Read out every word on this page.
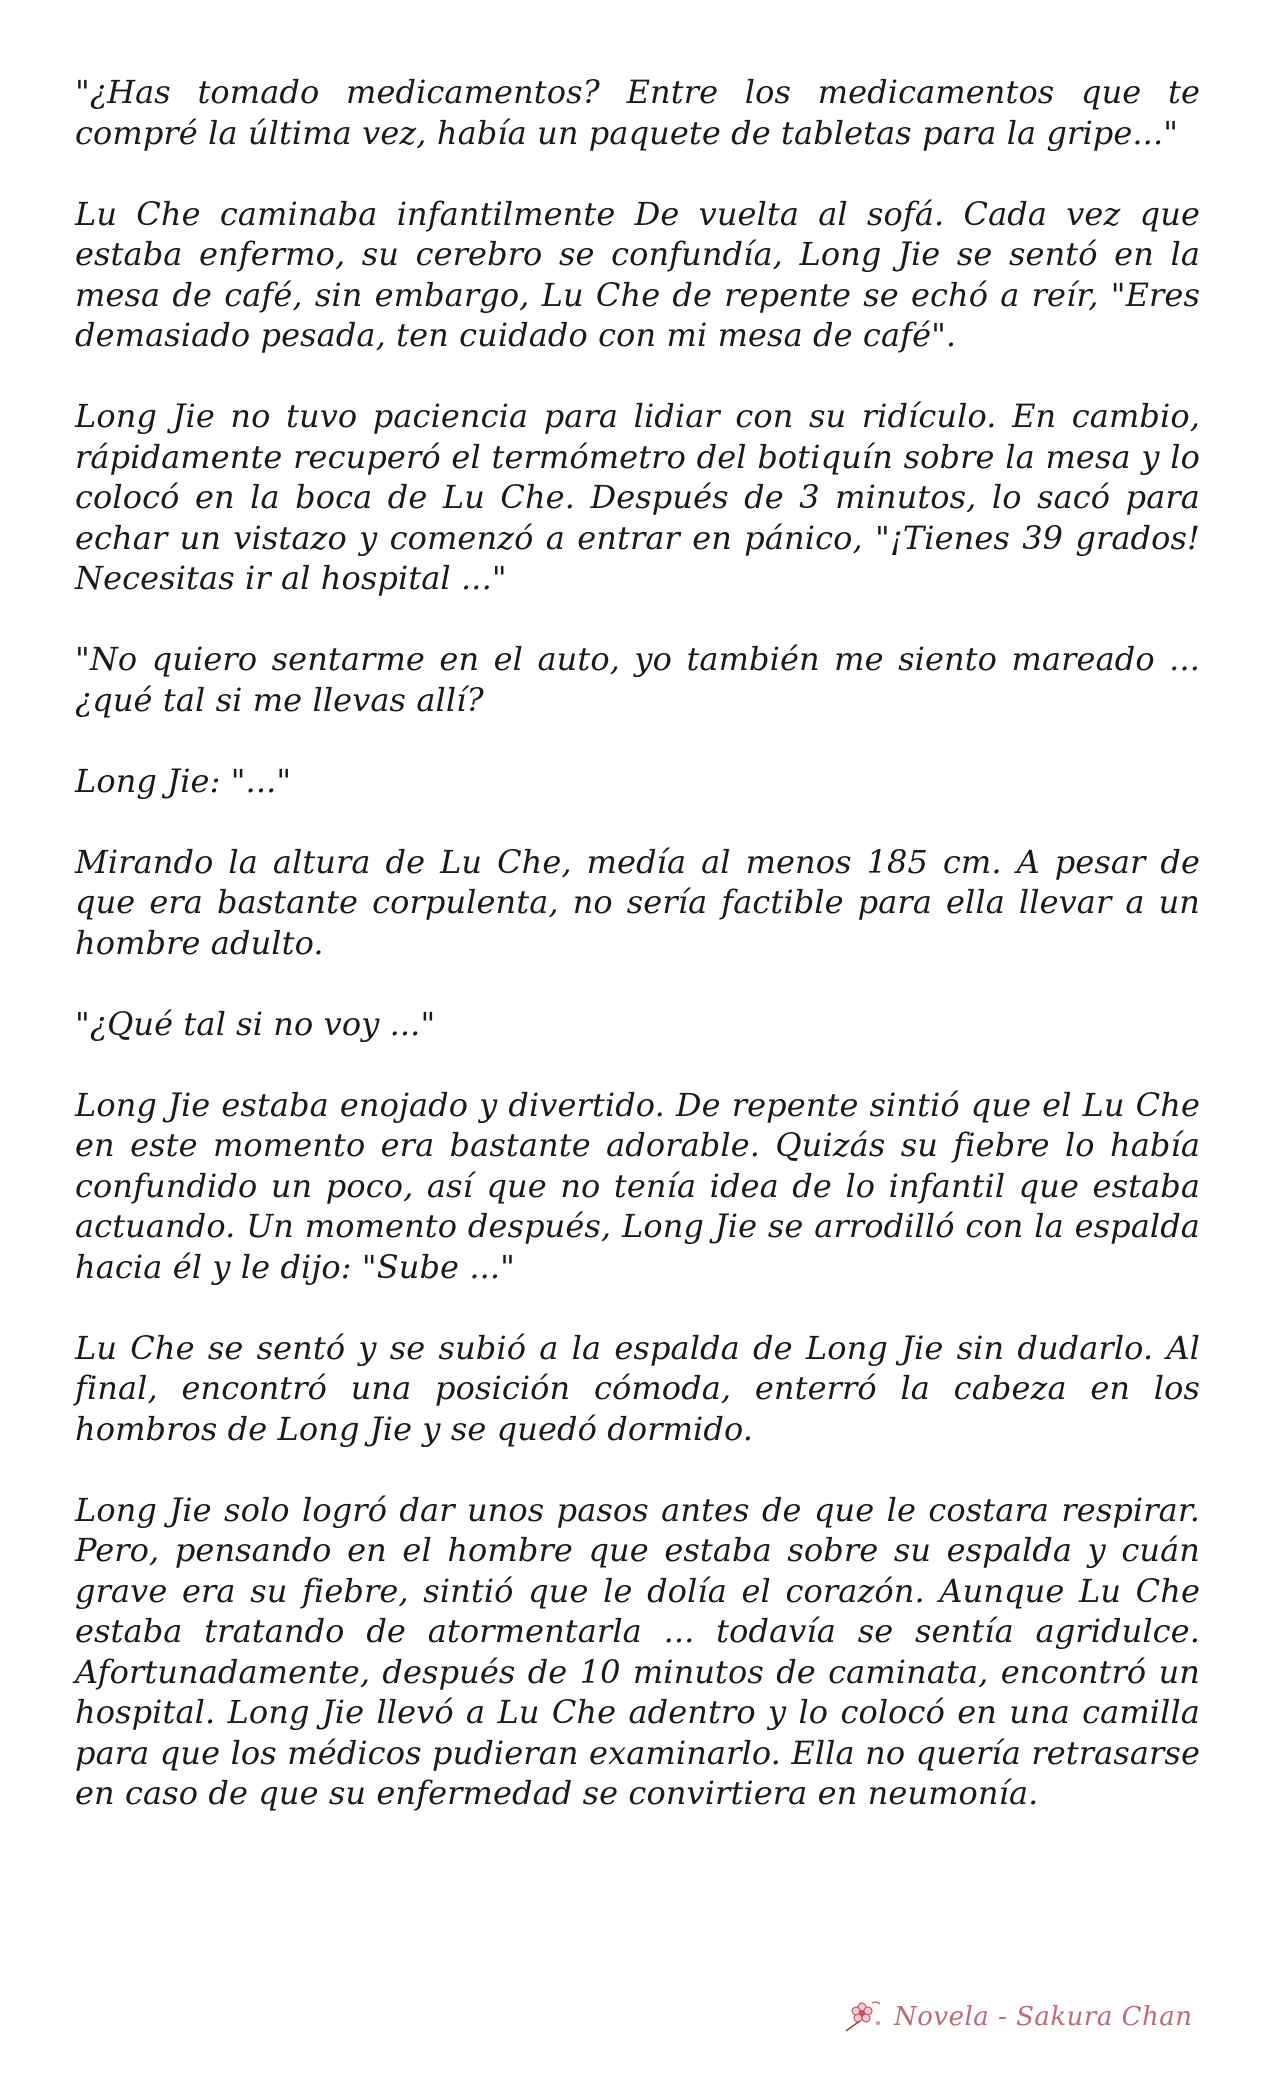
"¿Has tomado medicamentos? Entre los medicamentos que te compré la última vez, había un paquete de tabletas para la gripe..."

Lu Che caminaba infantilmente De vuelta al sofá. Cada vez que estaba enfermo, su cerebro se confundía, Long Jie se sentó en la mesa de café, sin embargo, Lu Che de repente se echó a reír, "Eres demasiado pesada, ten cuidado con mi mesa de café".

Long Jie no tuvo paciencia para lidiar con su ridículo. En cambio, rápidamente recuperó el termómetro del botiquín sobre la mesa y lo colocó en la boca de Lu Che. Después de 3 minutos, lo sacó para echar un vistazo y comenzó a entrar en pánico, "¡Tienes 39 grados! Necesitas ir al hospital ..."

"No quiero sentarme en el auto, yo también me siento mareado ... ¿qué tal si me llevas allí?

Long Jie: "..."

Mirando la altura de Lu Che, medía al menos 185 cm. A pesar de que era bastante corpulenta, no sería factible para ella llevar a un hombre adulto.

"¿Qué tal si no voy ..."

Long Jie estaba enojado y divertido. De repente sintió que el Lu Che en este momento era bastante adorable. Quizás su fiebre lo había confundido un poco, así que no tenía idea de lo infantil que estaba actuando. Un momento después, Long Jie se arrodilló con la espalda hacia él y le dijo: "Sube ..."

Lu Che se sentó y se subió a la espalda de Long Jie sin dudarlo. Al final, encontró una posición cómoda, enterró la cabeza en los hombros de Long Jie y se quedó dormido.

Long Jie solo logró dar unos pasos antes de que le costara respirar. Pero, pensando en el hombre que estaba sobre su espalda y cuán grave era su fiebre, sintió que le dolía el corazón. Aunque Lu Che estaba tratando de atormentarla ... todavía se sentía agridulce. Afortunadamente, después de 10 minutos de caminata, encontró un hospital. Long Jie llevó a Lu Che adentro y lo colocó en una camilla para que los médicos pudieran examinarlo. Ella no quería retrasarse en caso de que su enfermedad se convirtiera en neumonía.

Novela - Sakura Chan
